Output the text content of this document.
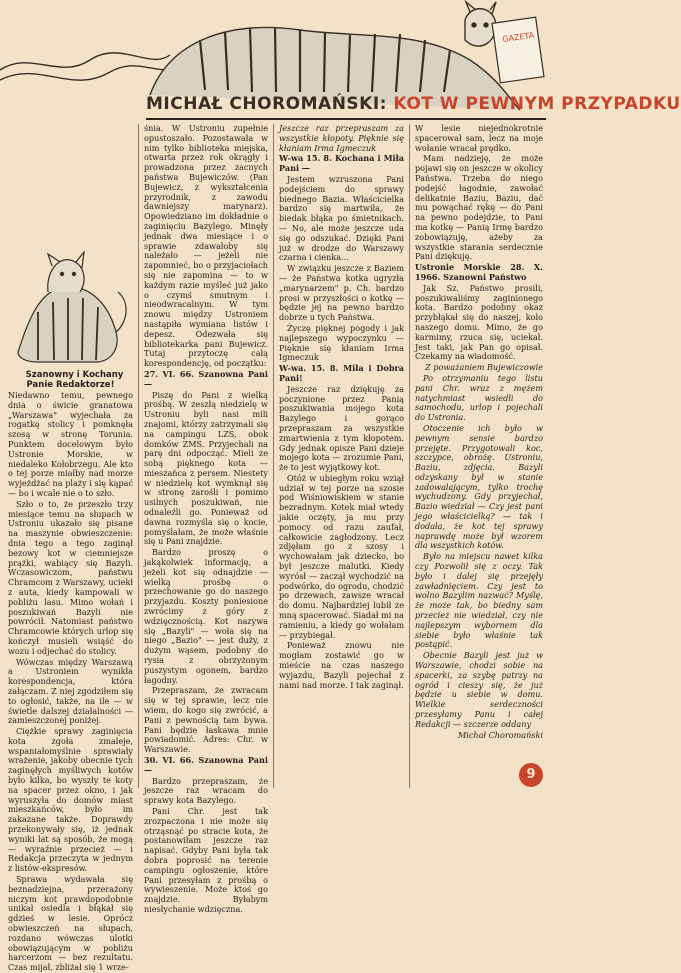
GAZETA
MICHAŁ CHOROMAŃSKI: KOT W PEWNYM PRZYPADKU

Szanowny i Kochany Panie Redaktorze!

Niedawno temu, pewnego dnia o świcie granatowa „Warszawa" wyjechała za rogatkę stolicy i pomknęła szosą w stronę Torunia. Punktem docelowym było Ustronie Morskie, w niedaleko Kołobrzegu. Ale kto o tej porze miałby nad morze wyjeżdżać na plaży i się kąpać — bo i wcale nie o to szło.

Szło o to, że przeszło trzy miesiące temu na słupach w Ustroniu ukazało się pisane na maszynie obwieszczenie: dnia tego a tego zaginął bezowy kot w ciemniejsze prążki, wabiący się Bazyli. Wczasowiczom, państwu Chramcom z Warszawy, uciekł z auta, kiedy kampowali w pobliżu lasu. Mimo wołań i poszukiwań Bazyli nie powrócił. Natomiast państwo Chramcowie których urlop się kończył musieli wsiąść do wozu i odjechać do stolicy.

Wówczas między Warszawą a Ustroniem wynikła korespondencja, która załączam. Z niej zgodziłem się to ogłosić, także, na ile — w świetle dalszej działalności — zamieszczonej poniżej.

Ciężkie sprawy zaginięcia kota zgoła zmaleje, wspaniałomyślnie sprawiały wrażenie, jakoby obecnie tych zaginęłych myśliwych kotów było kilka, bo wyszły te koty na spacer przez okno, i jak wyruszyła do domów miast mieszkańców, było im zakazane także. Doprawdy przekonywały się, iż jednak wyniki lat są sposób, że mogą — wyraźnie przecież — i Redakcja przeczyta w jednym z listów-ekspresów.

Sprawa wydawała się beznadziejna, przerażony niczym kot prawdopodobnie unikał osiedla i błąkał się gdzieś w lesie. Oprócz obwieszczeń na słupach, rozdano wówczas ulotki obowiązującym w pobliżu harcerzom — bez rezultatu. Czas mijał, zbliżał się 1 wrze-

śnia. W Ustroniu zupełnie opustoszało. Pozostawała w nim tylko biblioteka miejska, otwarta przez rok okrągły i prowadzona przez zacnych państwa Bujewiczów. (Pan Bujewicz, z wykształcenia przyrodnik, z zawodu dawniejszy marynarz). Opowiedziano im dokładnie o zaginięciu Bazylego. Minęły jednak dwa miesiące i o sprawie zdawałoby się należało — jeżeli nie zapomnieć, bo o przyjaciołach się nie zapomina — to w każdym razie myśleć już jako o czymś smutnym i nieodwracalnym. W tym znowu między Ustroniem nastąpiła wymiana listów i depesz. Odezwała się bibliotekarka pani Bujewicz. Tutaj przytoczę całą korespondencję, od początku:

27. VI. 66. Szanowna Pani —

Piszę do Pani z wielką prośbą. W zeszłą niedzielę w Ustroniu byli nasi mili znajomi, którzy zatrzymali się na campingu LZS, obok domków ZMS. Przyjechali na parę dni odpocząć. Mieli ze sobą pięknego kota — mieszańca z persem. Niestety w niedzielę kot wymknął się w stronę zarośli i pomimo usilnych poszukiwań, nie odnaleźli go. Ponieważ od dawna rozmyśla się o kocie, pomyślałam, że może właśnie się u Pani znajdzie.

Bardzo proszę o jakąkolwiek informację, a jeżeli kot się odnajdzie — wielką prośbę o przechowanie go do naszego przyjazdu. Koszty poniesione zwrócimy z góry z wdzięcznością. Kot nazywa się „Bazyli" — woła się na niego „Bazio" — jest duży, z dużym wąsem, podobny do rysia z obrzyżonym puszystym ogonem, bardzo łagodny.

Przepraszam, że zwracam się w tej sprawie, lecz nie wiem, do kogo się zwrócić, a Pani z pewnością tam bywa. Pani będzie łaskawa mnie powiadomić. Adres: Chr. w Warszawie.

30. VI. 66. Szanowna Pani —

Bardzo przepraszam, że jeszcze raz wracam do sprawy kota Bazylego.

Pani Chr. jest tak zrozpaczona i nie może się otrząsnąć po stracie kota, że postanowiłam jeszcze raz napisać. Gdyby Pani była tak dobra poprosić na terenie campingu ogłoszenie, które Pani przesyłam z prośbą o wywieszenie. Może ktoś go znajdzie. Byłabym niesłychanie wdzięczna.

Jeszcze raz przepraszam za wszystkie kłopoty. Pięknie się kłaniam Irma Igmeczuk

W-wa 15. 8. Kochana i Miła Pani —

Jestem wzruszona Pani podejściem do sprawy biednego Bazia. Właścicielka bardzo się martwiła, że biedak błąka po śmietnikach. — No, ale może jeszcze uda się go odszukać. Dzięki Pani już w drodze do Warszawy czarna i cienka...

W związku jeszcze z Baziem — że Państwa kotka ugryzła „marynarzem" p. Ch. bardzo prosi w przyszłości o kotkę — będzie jej na pewno bardzo dobrze u tych Państwa.

Życzę pięknej pogody i jak najlepszego wypoczynku — Pięknie się kłaniam Irma Igmeczuk

W-wa. 15. 8. Miła i Dobra Pani!

Jeszcze raz dziękuję za poczynione przez Panią poszukiwania mojego kota Bazylego i gorąco przepraszam za wszystkie zmartwienia z tym kłopotem. Gdy jednak opisze Pani dzieje mojego kota — zrozumie Pani, że to jest wyjątkowy kot.

Otóż w ubiegłym roku wziął udział w tej porze na szosie pod Wiśniowiskiem w stanie bezradnym. Kotek miał wtedy jakie oczęty, ja mu przy pomocy od razu zaufał, całkowicie zagłodzony. Lecz zdjęłam go z szosy i wychowałam jak dziecko, bo był jeszcze malutki. Kiedy wyrósł — zaczął wychodzić na podwórko, do ogrodu, chodzić po drzewach, zawsze wracał do domu. Najbardziej lubił ze mną spacerować. Siadał mi na ramieniu, a kiedy go wołałam — przybiegał.

Ponieważ znowu nie mogłam zostawić go w mieście na czas naszego wyjazdu, Bazyli pojechał z nami nad morze. I tak zaginął.

W lesie niejednokrotnie spacerował sam, lecz na moje wołanie wracał prędko.

Mam nadzieję, że może pojawi się on jeszcze w okolicy Państwa. Trzeba do niego podejść łagodnie, zawołać delikatnie Baziu, Baziu, dać mu powąchać rękę — do Pani na pewno podejdzie, to Pani ma kotkę — Panią Irmę bardzo zobowiązuję, ażeby za wszystkie starania serdecznie Pani dziękuję.

Ustronie Morskie 28. X. 1966. Szanowni Państwo

Jak Sz. Państwo prosili, poszukiwaliśmy zaginionego kota. Bardzo podobny okaz przybłąkał się do naszej, kolo naszego domu. Mimo, że go karmimy, rzuca się, uciekał. Jest taki, jak Pan go opisał. Czekamy na wiadomość.

Z poważaniem Bujewiczowie

Po otrzymaniu tego listu pani Chr. wraz z mężem natychmiast wsiedli do samochodu, urlop i pojechali do Ustronia.

Otoczenie ich było w pewnym sensie bardzo przejęte. Przygotowali koc, szczypce, obrożę. Ustroniu, Baziu, zdjęcia. Bazyli odzyskany był w stanie zadowalającym, tylko trochę wychudzony. Gdy przyjechał, Bazio wiedział — Czy jest pani jego właścicielką? — tak i dodała, że kot tej sprawy naprawdę może był wzorem dla wszystkich kotów.

Było na miejscu nawet kilka czy Pozwolił się z oczy. Tak było i dalej się przejęły zawładnięciem. Czy jest to wolno Bazylim nazwać? Myślę, że może tak, bo biedny sam przecież nie wiedział, czy nie najlepszym wybornem dla siebie było właśnie tak postąpić.

Obecnie Bazyli jest już w Warszawie, chodzi sobie na spacerki, za szybę patrzy na ogród i cieszy się, że już będzie u siebie w domu. Wielkie serdeczności przesyłamy Panu i całej Redakcji — szczerze oddany

Michał Choromański

9
